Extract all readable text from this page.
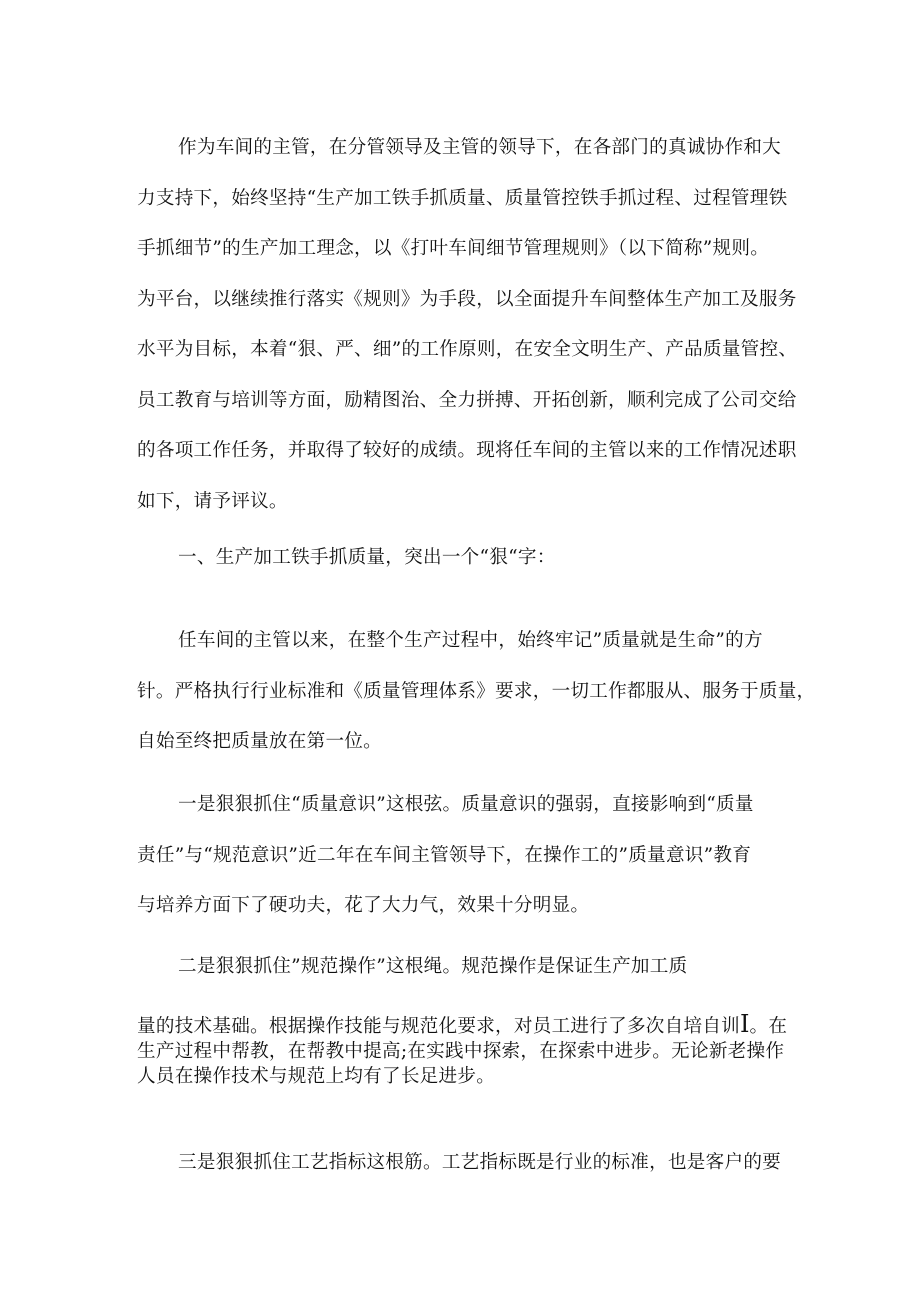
作为车间的主管，在分管领导及主管的领导下，在各部门的真诚协作和大
力支持下，始终坚持“生产加工铁手抓质量、质量管控铁手抓过程、过程管理铁
手抓细节”的生产加工理念，以《打叶车间细节管理规则》（以下简称”规则。
为平台，以继续推行落实《规则》为手段，以全面提升车间整体生产加工及服务
水平为目标，本着“狠、严、细”的工作原则，在安全文明生产、产品质量管控、
员工教育与培训等方面，励精图治、全力拼搏、开拓创新，顺利完成了公司交给
的各项工作任务，并取得了较好的成绩。现将任车间的主管以来的工作情况述职
如下，请予评议。
一、生产加工铁手抓质量，突出一个“狠“字：
任车间的主管以来，在整个生产过程中，始终牢记”质量就是生命”的方
针。严格执行行业标准和《质量管理体系》要求，一切工作都服从、服务于质量，
自始至终把质量放在第一位。
一是狠狠抓住“质量意识”这根弦。质量意识的强弱，直接影响到“质量
责任”与“规范意识”近二年在车间主管领导下，在操作工的”质量意识”教育
与培养方面下了硬功夫，花了大力气，效果十分明显。
二是狠狠抓住”规范操作”这根绳。规范操作是保证生产加工质
量的技术基础。根据操作技能与规范化要求，对员工进行了多次自培自训I。在
生产过程中帮教，在帮教中提高;在实践中探索，在探索中进步。无论新老操作
人员在操作技术与规范上均有了长足进步。
三是狠狠抓住工艺指标这根筋。工艺指标既是行业的标准，也是客户的要
